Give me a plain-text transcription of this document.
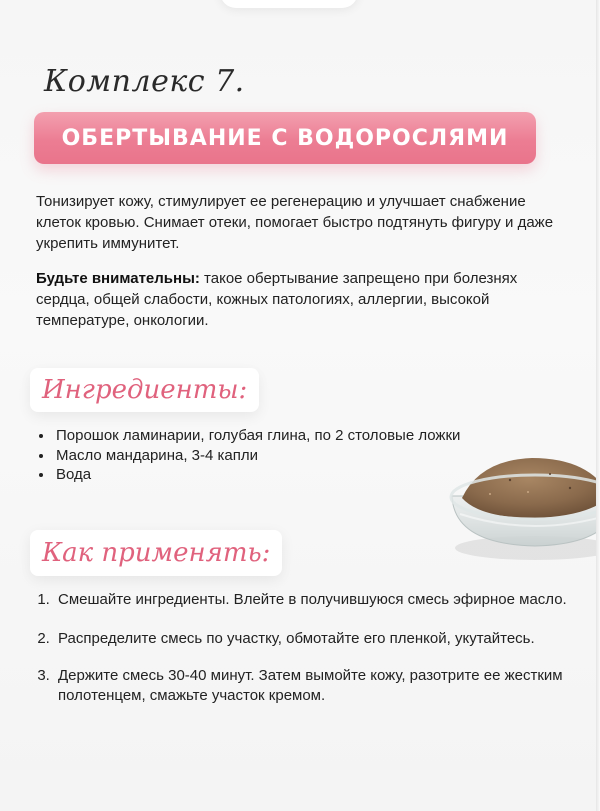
Комплекс 7.
ОБЕРТЫВАНИЕ С ВОДОРОСЛЯМИ
Тонизирует кожу, стимулирует ее регенерацию и улучшает снабжение клеток кровью. Снимает отеки, помогает быстро подтянуть фигуру и даже укрепить иммунитет.
Будьте внимательны: такое обертывание запрещено при болезнях сердца, общей слабости, кожных патологиях, аллергии, высокой температуре, онкологии.
Ингредиенты:
• Порошок ламинарии, голубая глина, по 2 столовые ложки
• Масло мандарина, 3-4 капли
• Вода
Как применять:
1. Смешайте ингредиенты. Влейте в получившуюся смесь эфирное масло.
2. Распределите смесь по участку, обмотайте его пленкой, укутайтесь.
3. Держите смесь 30-40 минут. Затем вымойте кожу, разотрите ее жестким полотенцем, смажьте участок кремом.
